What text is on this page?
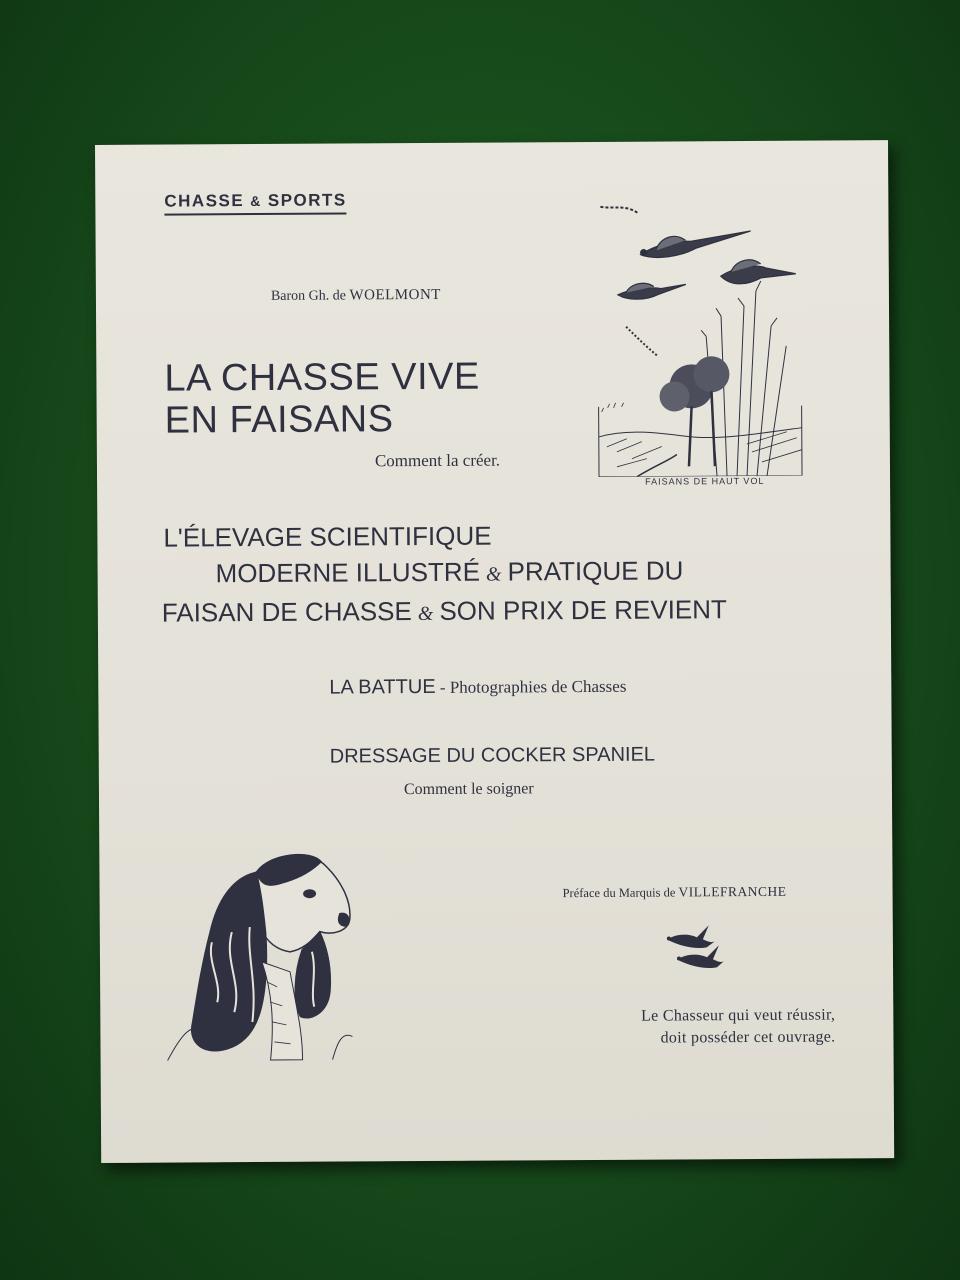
CHASSE & SPORTS
Baron Gh. de WOELMONT
LA CHASSE VIVE
EN FAISANS
Comment la créer.
FAISANS DE HAUT VOL
L'ÉLEVAGE SCIENTIFIQUE
MODERNE ILLUSTRÉ & PRATIQUE DU
FAISAN DE CHASSE & SON PRIX DE REVIENT
LA BATTUE - Photographies de Chasses
DRESSAGE DU COCKER SPANIEL
Comment le soigner
Préface du Marquis de VILLEFRANCHE
Le Chasseur qui veut réussir,
doit posséder cet ouvrage.
